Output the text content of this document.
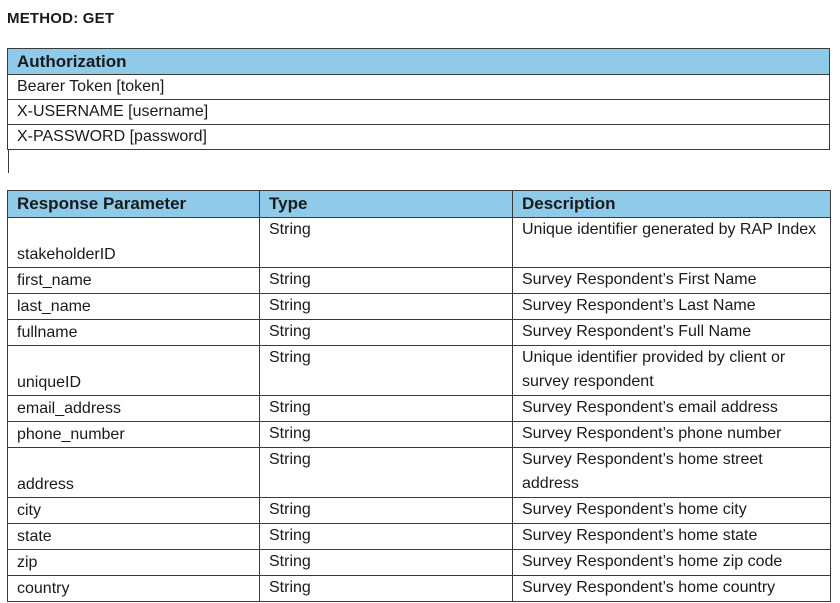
METHOD: GET
Authorization
Bearer Token [token]
X-USERNAME [username]
X-PASSWORD [password]
Response Parameter	Type	Description
stakeholderID	String	Unique identifier generated by RAP Index
first_name	String	Survey Respondent’s First Name
last_name	String	Survey Respondent’s Last Name
fullname	String	Survey Respondent’s Full Name
uniqueID	String	Unique identifier provided by client or survey respondent
email_address	String	Survey Respondent’s email address
phone_number	String	Survey Respondent’s phone number
address	String	Survey Respondent’s home street address
city	String	Survey Respondent’s home city
state	String	Survey Respondent’s home state
zip	String	Survey Respondent’s home zip code
country	String	Survey Respondent’s home country
